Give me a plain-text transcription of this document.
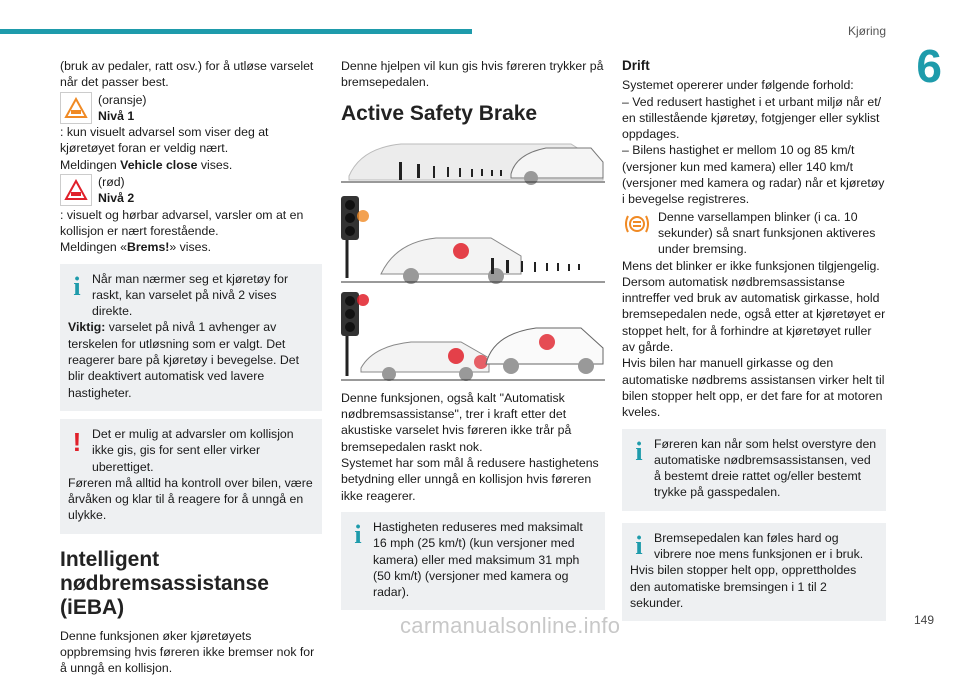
Kjøring
6

(bruk av pedaler, ratt osv.) for å utløse varselet når det passer best.

(oransje)
Nivå 1

: kun visuelt advarsel som viser deg at kjøretøyet foran er veldig nært.

Meldingen Vehicle close vises.

(rød)
Nivå 2

: visuelt og hørbar advarsel, varsler om at en kollisjon er nært forestående.

Meldingen «Brems!» vises.

i Når man nærmer seg et kjøretøy for raskt, kan varselet på nivå 2 vises direkte.

Viktig: varselet på nivå 1 avhenger av terskelen for utløsning som er valgt. Det reagerer bare på kjøretøy i bevegelse. Det blir deaktivert automatisk ved lavere hastigheter.

! Det er mulig at advarsler om kollisjon ikke gis, gis for sent eller virker uberettiget.

Føreren må alltid ha kontroll over bilen, være årvåken og klar til å reagere for å unngå en ulykke.

Intelligent nødbremsassistanse (iEBA)

Denne funksjonen øker kjøretøyets oppbremsing hvis føreren ikke bremser nok for å unngå en kollisjon.

Denne hjelpen vil kun gis hvis føreren trykker på bremsepedalen.

Active Safety Brake

Denne funksjonen, også kalt "Automatisk nødbremsassistanse", trer i kraft etter det akustiske varselet hvis føreren ikke trår på bremsepedalen raskt nok.

Systemet har som mål å redusere hastighetens betydning eller unngå en kollisjon hvis føreren ikke reagerer.

i Hastigheten reduseres med maksimalt 16 mph (25 km/t) (kun versjoner med kamera) eller med maksimum 31 mph (50 km/t) (versjoner med kamera og radar).

Drift

Systemet opererer under følgende forhold:

– Ved redusert hastighet i et urbant miljø når et/ en stillestående kjøretøy, fotgjenger eller syklist oppdages.

– Bilens hastighet er mellom 10 og 85 km/t (versjoner kun med kamera) eller 140 km/t (versjoner med kamera og radar) når et kjøretøy i bevegelse registreres.

Denne varsellampen blinker (i ca. 10 sekunder) så snart funksjonen aktiveres under bremsing.

Mens det blinker er ikke funksjonen tilgjengelig.

Dersom automatisk nødbremsassistanse inntreffer ved bruk av automatisk girkasse, hold bremsepedalen nede, også etter at kjøretøyet er stoppet helt, for å forhindre at kjøretøyet ruller av gårde.

Hvis bilen har manuell girkasse og den automatiske nødbrems assistansen virker helt til bilen stopper helt opp, er det fare for at motoren kveles.

i Føreren kan når som helst overstyre den automatiske nødbremsassistansen, ved å bestemt dreie rattet og/eller bestemt trykke på gasspedalen.

i Bremsepedalen kan føles hard og vibrere noe mens funksjonen er i bruk.

Hvis bilen stopper helt opp, opprettholdes den automatiske bremsingen i 1 til 2 sekunder.

carmanualsonline.info	149
